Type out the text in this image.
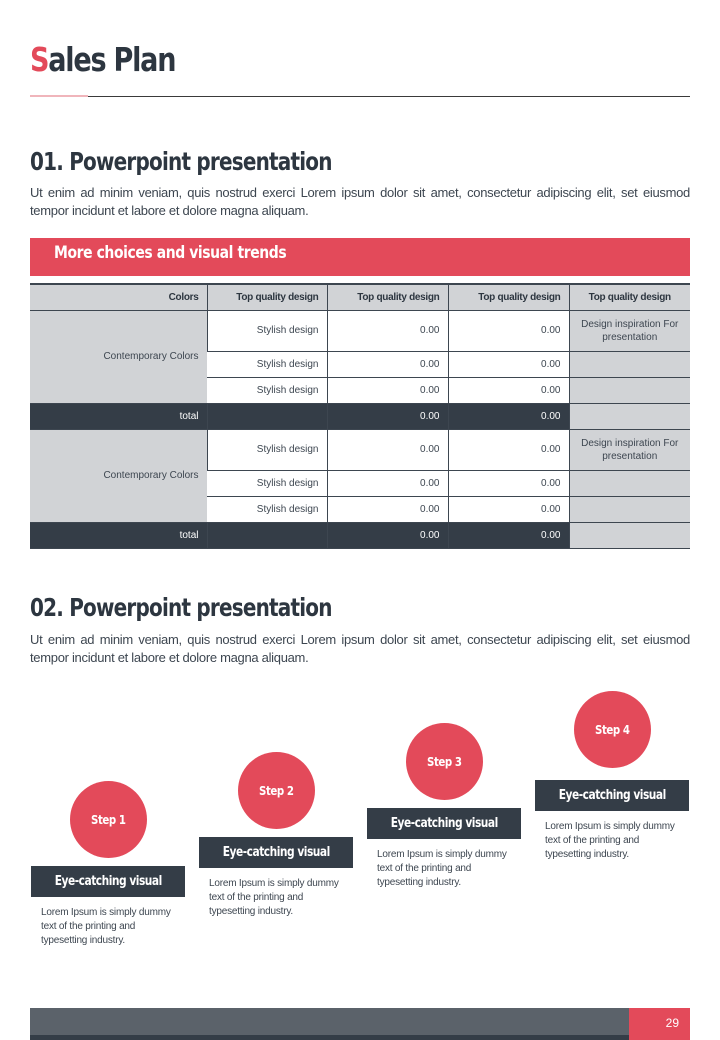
Sales Plan
01. Powerpoint presentation
Ut enim ad minim veniam, quis nostrud exerci Lorem ipsum dolor sit amet, consectetur adipiscing elit, set eiusmod tempor incidunt et labore et dolore magna aliquam.
More choices and visual trends
Colors	Top quality design	Top quality design	Top quality design	Top quality design
Contemporary Colors	Stylish design	0.00	0.00	Design inspiration For presentation
	Stylish design	0.00	0.00	
	Stylish design	0.00	0.00	
total		0.00	0.00	
Contemporary Colors	Stylish design	0.00	0.00	Design inspiration For presentation
	Stylish design	0.00	0.00	
	Stylish design	0.00	0.00	
total		0.00	0.00	
02. Powerpoint presentation
Ut enim ad minim veniam, quis nostrud exerci Lorem ipsum dolor sit amet, consectetur adipiscing elit, set eiusmod tempor incidunt et labore et dolore magna aliquam.
Step 1
Eye-catching visual
Lorem Ipsum is simply dummy text of the printing and typesetting industry.
Step 2
Eye-catching visual
Lorem Ipsum is simply dummy text of the printing and typesetting industry.
Step 3
Eye-catching visual
Lorem Ipsum is simply dummy text of the printing and typesetting industry.
Step 4
Eye-catching visual
Lorem Ipsum is simply dummy text of the printing and typesetting industry.
29
